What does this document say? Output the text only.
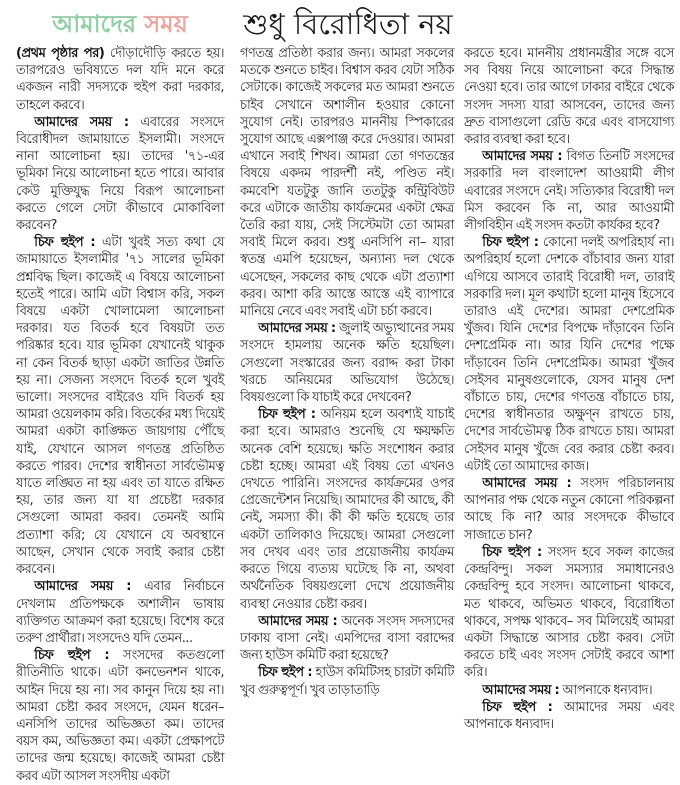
শুধু বিরোধিতা নয়
আমাদের সময়

(প্রথম পৃষ্ঠার পর) দৌড়াদৌড়ি করতে হয়। তারপরেও ভবিষ্যতে দল যদি মনে করে একজন নারী সদস্যকে হুইপ করা দরকার, তাহলে করবে।

আমাদের সময় : এবারের সংসদে বিরোধীদল জামায়াতে ইসলামী। সংসদে নানা আলোচনা হয়। তাদের '৭১-এর ভূমিকা নিয়ে আলোচনা হতে পারে। আবার কেউ মুক্তিযুদ্ধ নিয়ে বিরূপ আলোচনা করতে গেলে সেটা কীভাবে মোকাবিলা করবেন?

চিফ হুইপ : এটা খুবই সত্য কথা যে জামায়াতে ইসলামীর '৭১ সালের ভূমিকা প্রশ্নবিদ্ধ ছিল। কাজেই এ বিষয়ে আলোচনা হতেই পারে। আমি এটা বিশ্বাস করি, সকল বিষয়ে একটা খোলামেলা আলোচনা দরকার। যত বিতর্ক হবে বিষয়টা তত পরিষ্কার হবে। যার ভূমিকা যেখানেই থাকুক না কেন বিতর্ক ছাড়া একটা জাতির উন্নতি হয় না। সেজন্য সংসদে বিতর্ক হলে খুবই ভালো। সংসদের বাইরেও যদি বিতর্ক হয় আমরা ওয়েলকাম করি। বিতর্কের মধ্য দিয়েই আমরা একটা কাঙ্ক্ষিত জায়গায় পৌঁছে যাই, যেখানে আসল গণতন্ত্র প্রতিষ্ঠিত করতে পারব। দেশের স্বাধীনতা সার্বভৌমত্ব যাতে লঙ্ঘিত না হয় এবং তা যাতে রক্ষিত হয়, তার জন্য যা যা প্রচেষ্টা দরকার সেগুলো আমরা করব। তেমনই আমি প্রত্যাশা করি; যে যেখানে যে অবস্থানে আছেন, সেখান থেকে সবাই করার চেষ্টা করবেন।

আমাদের সময় : এবার নির্বাচনে দেখলাম প্রতিপক্ষকে অশালীন ভাষায় ব্যক্তিগত আক্রমণ করা হয়েছে। বিশেষ করে তরুণ প্রার্থীরা। সংসদেও যদি তেমন...

চিফ হুইপ : সংসদের কতগুলো রীতিনীতি থাকে। এটা কনভেনশন থাকে, আইন দিয়ে হয় না। সব কানুন দিয়ে হয় না। আমরা চেষ্টা করব সংসদে, যেমন ধরেন– এনসিপি তাদের অভিজ্ঞতা কম। তাদের বয়স কম, অভিজ্ঞতা কম। একটা প্রেক্ষাপটে তাদের জন্ম হয়েছে। কাজেই আমরা চেষ্টা করব এটা আসল সংসদীয় একটা

গণতন্ত্র প্রতিষ্ঠা করার জন্য। আমরা সকলের মতকে শুনতে চাইব। বিশ্বাস করব যেটা সঠিক সেটাকে। কাজেই সকলের মত আমরা শুনতে চাইব সেখানে অশালীন হওয়ার কোনো সুযোগ নেই। তারপরও মাননীয় স্পিকারের সুযোগ আছে এক্সপাঞ্জ করে দেওয়ার। আমরা এখানে সবাই শিখব। আমরা তো গণতন্ত্রের বিষয়ে একদম পারদর্শী নই, পণ্ডিত নই। কমবেশি যতটুকু জানি ততটুকু কন্ট্রিবিউট করে এটাকে জাতীয় কার্যক্রমের একটা ক্ষেত্র তৈরি করা যায়, সেই সিস্টেমটা তো আমরা সবাই মিলে করব। শুধু এনসিপি না– যারা স্বতন্ত্র এমপি হয়েছেন, অন্যান্য দল থেকে এসেছেন, সকলের কাছ থেকে এটা প্রত্যাশা করব। আশা করি আস্তে আস্তে এই ব্যাপারে মানিয়ে নেবে এবং সবাই এটা চর্চা করবে।

আমাদের সময় : জুলাই অভ্যুত্থানের সময় সংসদে হামলায় অনেক ক্ষতি হয়েছিল। সেগুলো সংস্কারের জন্য বরাদ্দ করা টাকা খরচে অনিয়মের অভিযোগ উঠেছে। বিষয়গুলো কি যাচাই করে দেখবেন?

চিফ হুইপ : অনিয়ম হলে অবশ্যই যাচাই করা হবে। আমরাও শুনেছি যে ক্ষয়ক্ষতি অনেক বেশি হয়েছে। ক্ষতি সংশোধন করার চেষ্টা হচ্ছে। আমরা এই বিষয় তো এখনও দেখতে পারিনি। সংসদের কার্যক্রমের ওপর প্রেজেন্টেশন নিয়েছি। আমাদের কী আছে, কী নেই, সমস্যা কী। কী কী ক্ষতি হয়েছে তার একটা তালিকাও দিয়েছে। আমরা সেগুলো সব দেখব এবং তার প্রয়োজনীয় কার্যক্রম করতে গিয়ে ব্যত্যয় ঘটেছে কি না, অথবা অর্থনৈতিক বিষয়গুলো দেখে প্রয়োজনীয় ব্যবস্থা নেওয়ার চেষ্টা করব।

আমাদের সময় : অনেক সংসদ সদস্যদের ঢাকায় বাসা নেই। এমপিদের বাসা বরাদ্দের জন্য হাউস কমিটি করা হয়েছে?

চিফ হুইপ : হাউস কমিটিসহ চারটা কমিটি খুব গুরুত্বপূর্ণ। খুব তাড়াতাড়ি

করতে হবে। মাননীয় প্রধানমন্ত্রীর সঙ্গে বসে সব বিষয় নিয়ে আলোচনা করে সিদ্ধান্ত নেওয়া হবে। তার আগে ঢাকার বাইরে থেকে সংসদ সদস্য যারা আসবেন, তাদের জন্য দ্রুত বাসাগুলো রেডি করে এবং বাসযোগ্য করার ব্যবস্থা করা হবে।

আমাদের সময় : বিগত তিনটি সংসদের সরকারি দল বাংলাদেশ আওয়ামী লীগ এবারের সংসদে নেই। সত্যিকার বিরোধী দল মিস করবেন কি না, আর আওয়ামী লীগবিহীন এই সংসদ কতটা কার্যকর হবে?

চিফ হুইপ : কোনো দলই অপরিহার্য না। অপরিহার্য হলো দেশকে বাঁচাবার জন্য যারা এগিয়ে আসবে তারাই বিরোধী দল, তারাই সরকারি দল। মূল কথাটা হলো মানুষ হিসেবে তারাও এই দেশের। আমরা দেশপ্রেমিক খুঁজব। যিনি দেশের বিপক্ষে দাঁড়াবেন তিনি দেশপ্রেমিক না। আর যিনি দেশের পক্ষে দাঁড়াবেন তিনি দেশপ্রেমিক। আমরা খুঁজব সেইসব মানুষগুলোকে, যেসব মানুষ দেশ বাঁচাতে চায়, দেশের গণতন্ত্র বাঁচাতে চায়, দেশের স্বাধীনতার অক্ষুণ্ন রাখতে চায়, দেশের সার্বভৌমত্ব ঠিক রাখতে চায়। আমরা সেইসব মানুষ খুঁজে বের করার চেষ্টা করব। এটাই তো আমাদের কাজ।

আমাদের সময় : সংসদ পরিচালনায় আপনার পক্ষ থেকে নতুন কোনো পরিকল্পনা আছে কি না? আর সংসদকে কীভাবে সাজাতে চান?

চিফ হুইপ : সংসদ হবে সকল কাজের কেন্দ্রবিন্দু। সকল সমস্যার সমাধানেরও কেন্দ্রবিন্দু হবে সংসদ। আলোচনা থাকবে, মত থাকবে, অভিমত থাকবে, বিরোধিতা থাকবে, সপক্ষ থাকবে– সব মিলিয়েই আমরা একটা সিদ্ধান্তে আসার চেষ্টা করব। সেটা করতে চাই এবং সংসদ সেটাই করবে আশা করি।

আমাদের সময় : আপনাকে ধন্যবাদ।

চিফ হুইপ : আমাদের সময় এবং আপনাকে ধন্যবাদ।
